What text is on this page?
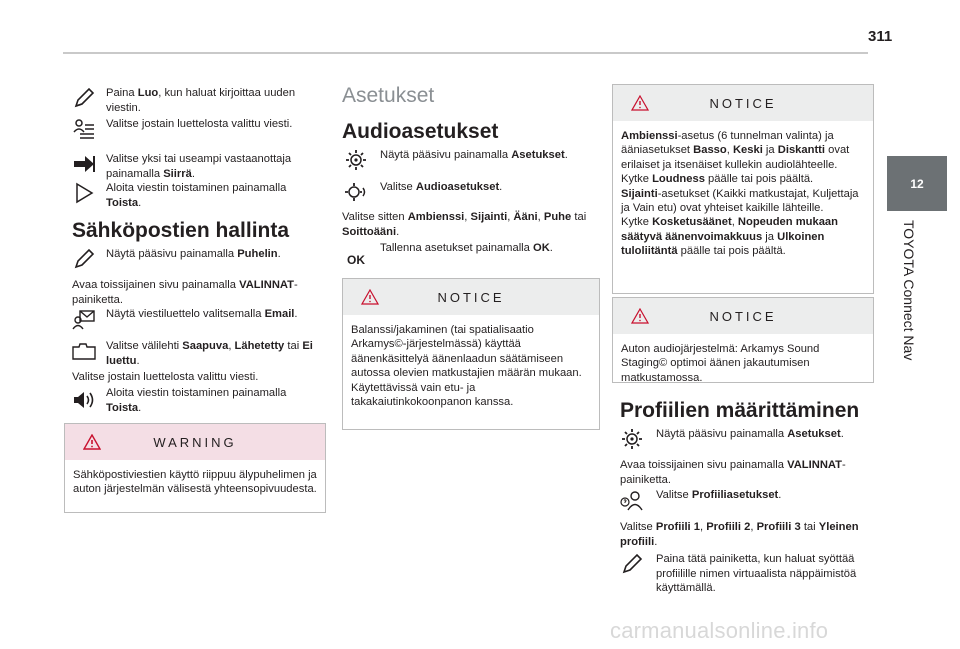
311
12
TOYOTA Connect Nav

Paina Luo, kun haluat kirjoittaa uuden viestin.

Valitse jostain luettelosta valittu viesti.

Valitse yksi tai useampi vastaanottaja painamalla Siirrä.

Aloita viestin toistaminen painamalla Toista.

Sähköpostien hallinta

Näytä pääsivu painamalla Puhelin.

Avaa toissijainen sivu painamalla VALINNAT-painiketta.

Näytä viestiluettelo valitsemalla Email.

Valitse välilehti Saapuva, Lähetetty tai Ei luettu.

Valitse jostain luettelosta valittu viesti.

Aloita viestin toistaminen painamalla Toista.

WARNING
Sähköpostiviestien käyttö riippuu älypuhelimen ja auton järjestelmän välisestä yhteensopivuudesta.
Asetukset
Audioasetukset

Näytä pääsivu painamalla Asetukset.

Valitse Audioasetukset.

Valitse sitten Ambienssi, Sijainti, Ääni, Puhe tai Soittoääni.

OK

Tallenna asetukset painamalla OK.

NOTICE
Balanssi/jakaminen (tai spatialisaatio Arkamys©-järjestelmässä) käyttää äänenkäsittelyä äänenlaadun säätämiseen autossa olevien matkustajien määrän mukaan.
Käytettävissä vain etu- ja takakaiutinkokoonpanon kanssa.
NOTICE
Ambienssi-asetus (6 tunnelman valinta) ja ääniasetukset Basso, Keski ja Diskantti ovat erilaiset ja itsenäiset kullekin audiolähteelle.
Kytke Loudness päälle tai pois päältä.
Sijainti-asetukset (Kaikki matkustajat, Kuljettaja ja Vain etu) ovat yhteiset kaikille lähteille.
Kytke Kosketusäänet, Nopeuden mukaan säätyvä äänenvoimakkuus ja Ulkoinen tuloliitäntä päälle tai pois päältä.
NOTICE
Auton audiojärjestelmä: Arkamys Sound Staging© optimoi äänen jakautumisen matkustamossa.
Profiilien määrittäminen

Näytä pääsivu painamalla Asetukset.

Avaa toissijainen sivu painamalla VALINNAT-painiketta.

Valitse Profiiliasetukset.

Valitse Profiili 1, Profiili 2, Profiili 3 tai Yleinen profiili.

Paina tätä painiketta, kun haluat syöttää profiilille nimen virtuaalista näppäimistöä käyttämällä.

carmanualsonline.info
